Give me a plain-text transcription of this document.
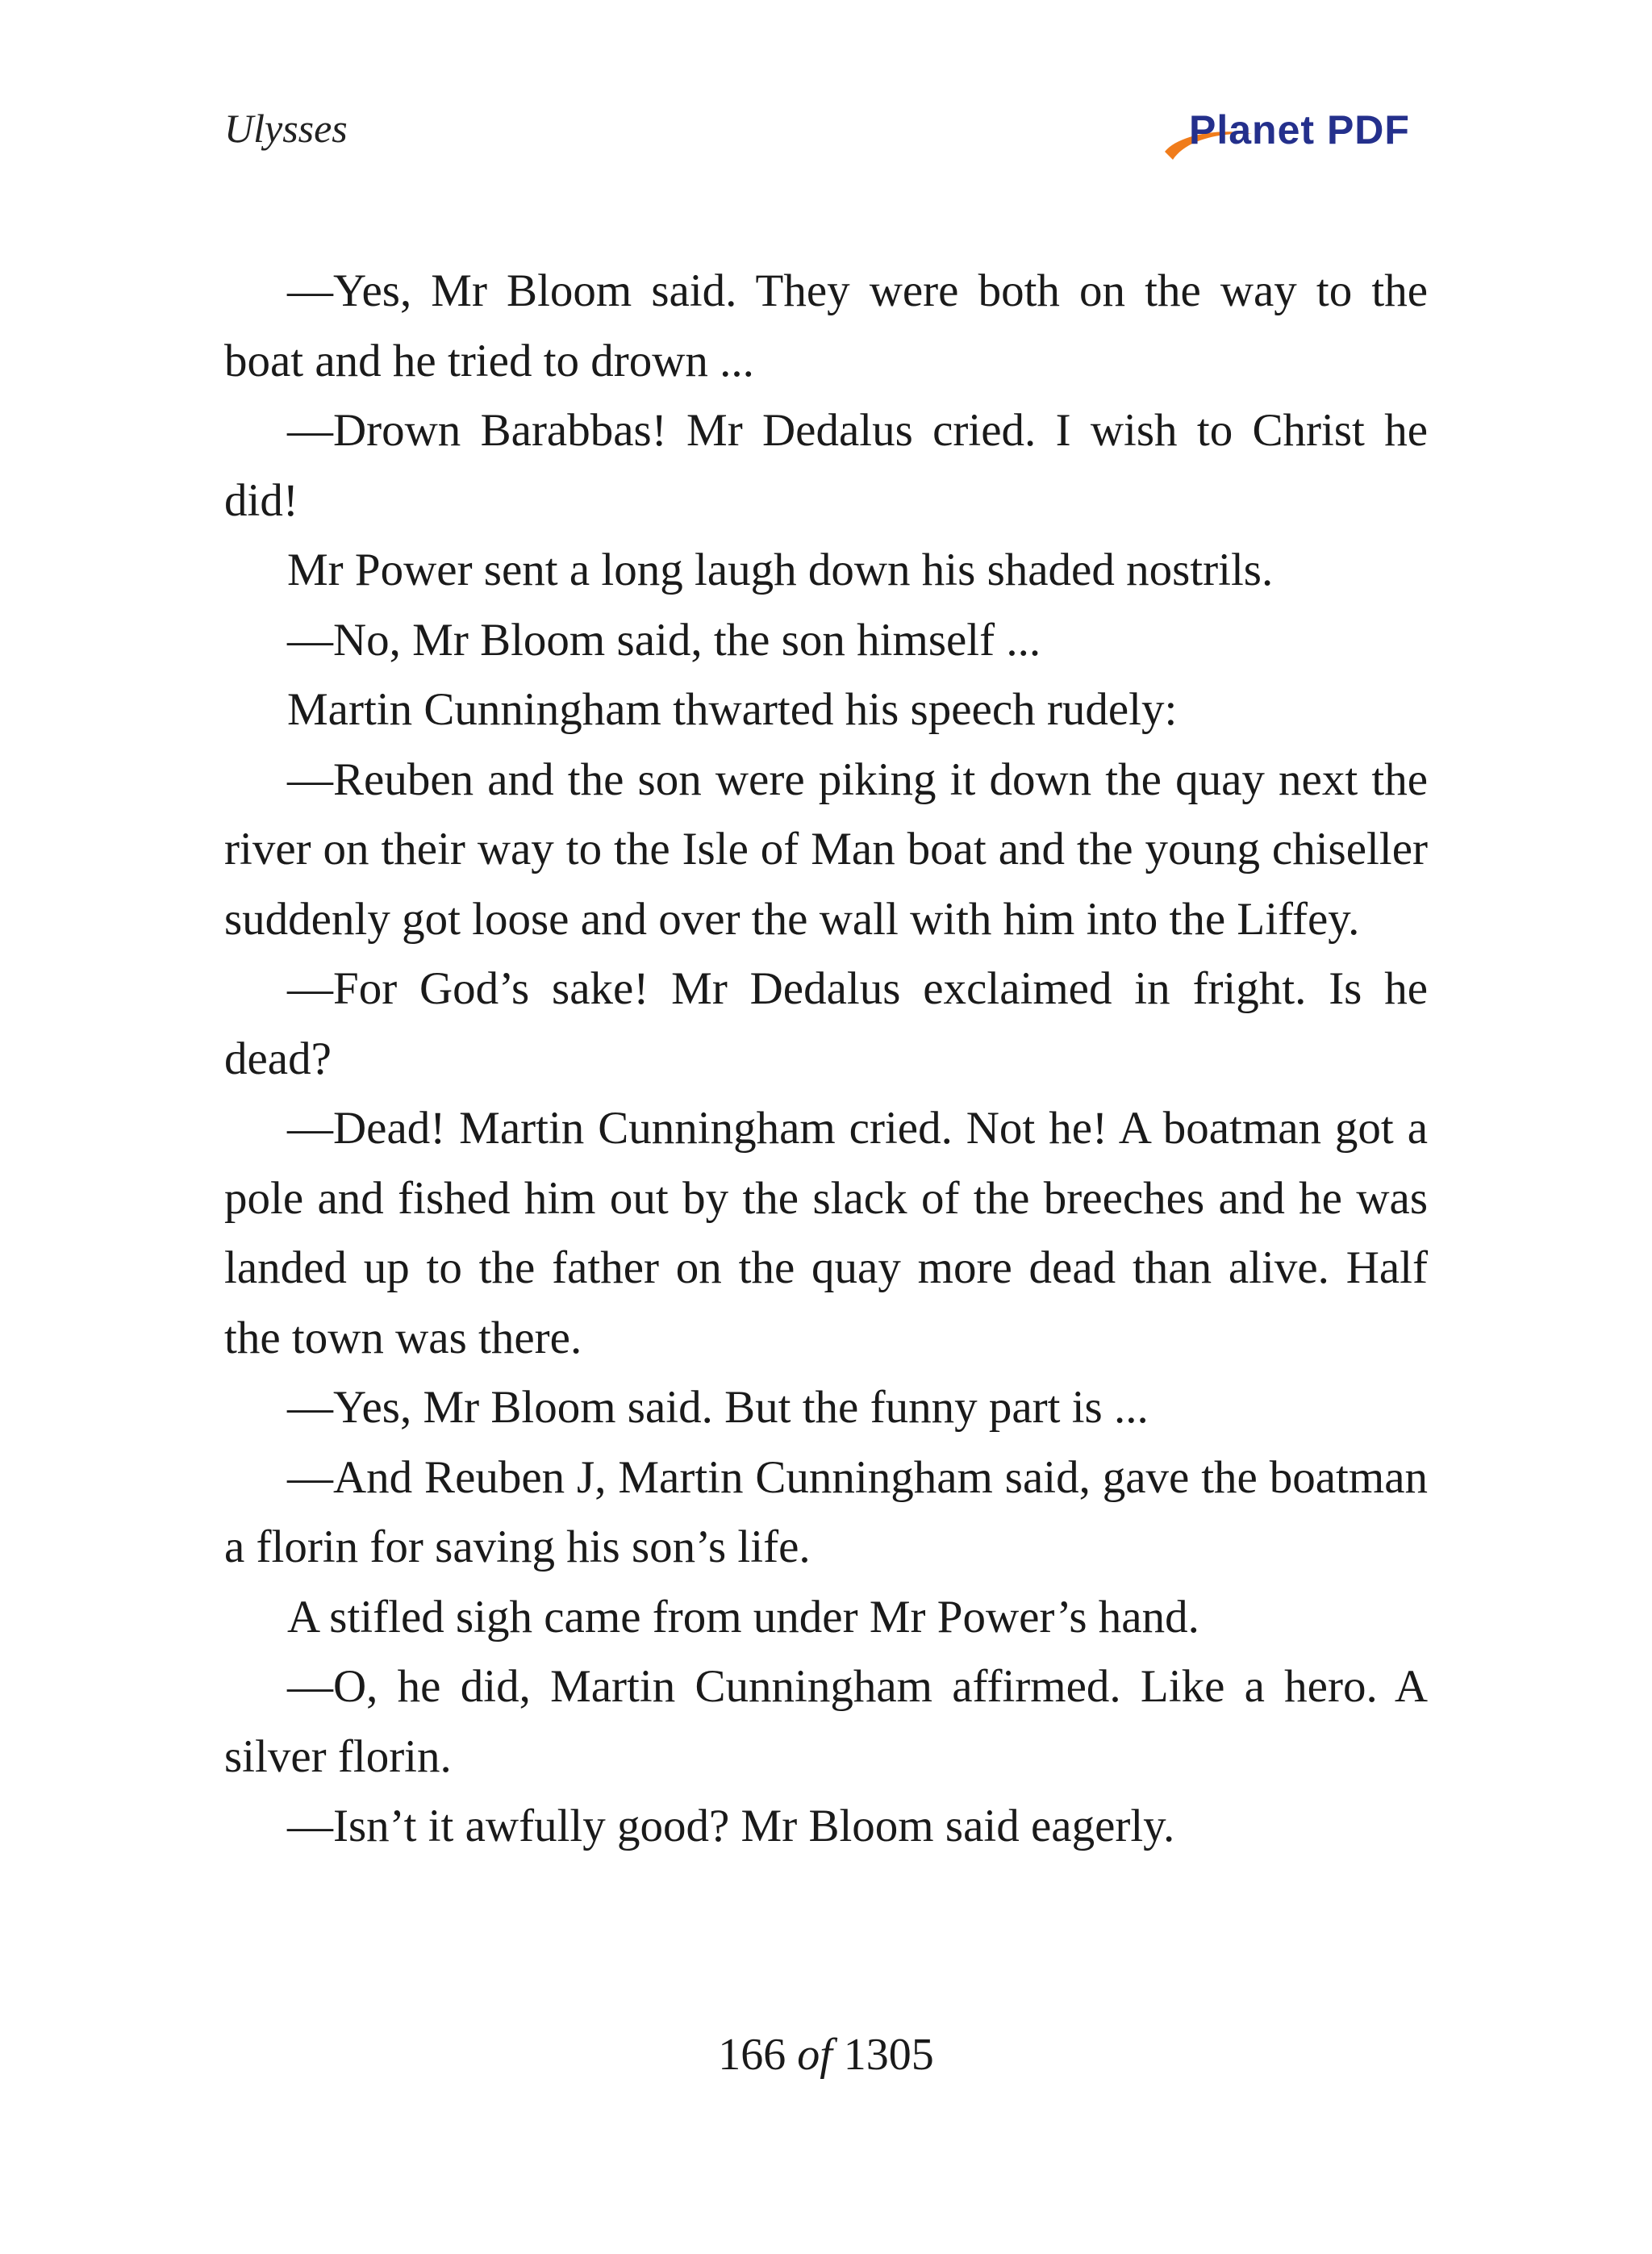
Ulysses	Planet PDF

—Yes, Mr Bloom said. They were both on the way to the boat and he tried to drown ...

—Drown Barabbas! Mr Dedalus cried. I wish to Christ he did!

Mr Power sent a long laugh down his shaded nostrils.

—No, Mr Bloom said, the son himself ...

Martin Cunningham thwarted his speech rudely:

—Reuben and the son were piking it down the quay next the river on their way to the Isle of Man boat and the young chiseller suddenly got loose and over the wall with him into the Liffey.

—For God’s sake! Mr Dedalus exclaimed in fright. Is he dead?

—Dead! Martin Cunningham cried. Not he! A boatman got a pole and fished him out by the slack of the breeches and he was landed up to the father on the quay more dead than alive. Half the town was there.

—Yes, Mr Bloom said. But the funny part is ...

—And Reuben J, Martin Cunningham said, gave the boatman a florin for saving his son’s life.

A stifled sigh came from under Mr Power’s hand.

—O, he did, Martin Cunningham affirmed. Like a hero. A silver florin.

—Isn’t it awfully good? Mr Bloom said eagerly.

166 of 1305
